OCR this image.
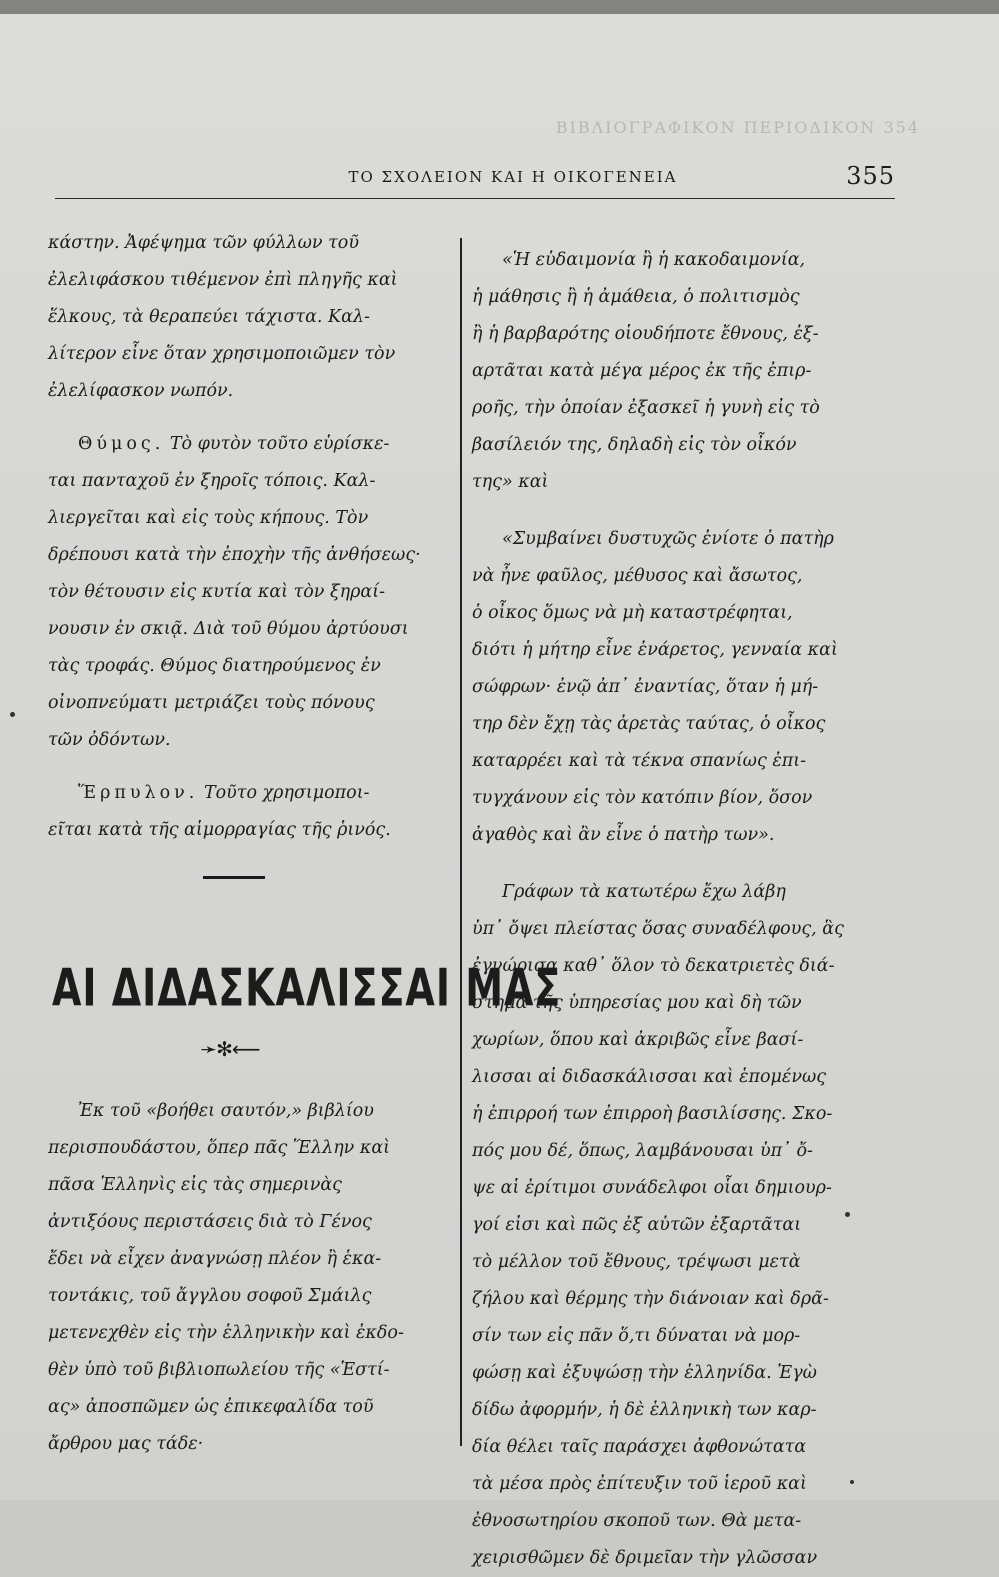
ΒΙΒΛΙΟΓΡΑΦΙΚΟΝ ΠΕΡΙΟΔΙΚΟΝ 354
ΤΟ ΣΧΟΛΕΙΟΝ ΚΑΙ Η ΟΙΚΟΓΕΝΕΙΑ	355

κάστην. Ἀφέψημα τῶν φύλλων τοῦ
ἐλελιφάσκου τιθέμενον ἐπὶ πληγῆς καὶ
ἕλκους, τὰ θεραπεύει τάχιστα. Καλ-
λίτερον εἶνε ὅταν χρησιμοποιῶμεν τὸν
ἐλελίφασκον νωπόν.

Θύμος. Τὸ φυτὸν τοῦτο εὑρίσκε-
ται πανταχοῦ ἐν ξηροῖς τόποις. Καλ-
λιεργεῖται καὶ εἰς τοὺς κήπους. Τὸν
δρέπουσι κατὰ τὴν ἐποχὴν τῆς ἀνθήσεως·
τὸν θέτουσιν εἰς κυτία καὶ τὸν ξηραί-
νουσιν ἐν σκιᾷ. Διὰ τοῦ θύμου ἀρτύουσι
τὰς τροφάς. Θύμος διατηρούμενος ἐν
οἰνοπνεύματι μετριάζει τοὺς πόνους
τῶν ὀδόντων.

Ἕρπυλον. Τοῦτο χρησιμοποι-
εῖται κατὰ τῆς αἱμορραγίας τῆς ῥινός.

ΑΙ ΔΙΔΑΣΚΑΛΙΣΣΑΙ ΜΑΣ
➛✻⟵

Ἐκ τοῦ «βοήθει σαυτόν,» βιβλίου
περισπουδάστου, ὅπερ πᾶς Ἕλλην καὶ
πᾶσα Ἑλληνὶς εἰς τὰς σημερινὰς
ἀντιξόους περιστάσεις διὰ τὸ Γένος
ἔδει νὰ εἶχεν ἀναγνώσῃ πλέον ἢ ἑκα-
τοντάκις, τοῦ ἄγγλου σοφοῦ Σμάιλς
μετενεχθὲν εἰς τὴν ἑλληνικὴν καὶ ἐκδο-
θὲν ὑπὸ τοῦ βιβλιοπωλείου τῆς «Ἑστί-
ας» ἀποσπῶμεν ὡς ἐπικεφαλίδα τοῦ
ἄρθρου μας τάδε·

«Ἡ εὐδαιμονία ἢ ἡ κακοδαιμονία,
ἡ μάθησις ἢ ἡ ἀμάθεια, ὁ πολιτισμὸς
ἢ ἡ βαρβαρότης οἱουδήποτε ἔθνους, ἐξ-
αρτᾶται κατὰ μέγα μέρος ἐκ τῆς ἐπιρ-
ροῆς, τὴν ὁποίαν ἐξασκεῖ ἡ γυνὴ εἰς τὸ
βασίλειόν της, δηλαδὴ εἰς τὸν οἶκόν
της» καὶ

«Συμβαίνει δυστυχῶς ἐνίοτε ὁ πατὴρ
νὰ ἦνε φαῦλος, μέθυσος καὶ ἄσωτος,
ὁ οἶκος ὅμως νὰ μὴ καταστρέφηται,
διότι ἡ μήτηρ εἶνε ἐνάρετος, γενναία καὶ
σώφρων· ἐνῷ ἀπ᾽ ἐναντίας, ὅταν ἡ μή-
τηρ δὲν ἔχῃ τὰς ἀρετὰς ταύτας, ὁ οἶκος
καταρρέει καὶ τὰ τέκνα σπανίως ἐπι-
τυγχάνουν εἰς τὸν κατόπιν βίον, ὅσον
ἀγαθὸς καὶ ἂν εἶνε ὁ πατὴρ των».

Γράφων τὰ κατωτέρω ἔχω λάβη
ὑπ᾽ ὄψει πλείστας ὅσας συναδέλφους, ἃς
ἐγνώρισα καθ᾽ ὅλον τὸ δεκατριετὲς διά-
στημα τῆς ὑπηρεσίας μου καὶ δὴ τῶν
χωρίων, ὅπου καὶ ἀκριβῶς εἶνε βασί-
λισσαι αἱ διδασκάλισσαι καὶ ἑπομένως
ἡ ἐπιρροή των ἐπιρροὴ βασιλίσσης. Σκο-
πός μου δέ, ὅπως, λαμβάνουσαι ὑπ᾽ ὄ-
ψε αἱ ἐρίτιμοι συνάδελφοι οἷαι δημιουρ-
γοί εἰσι καὶ πῶς ἐξ αὐτῶν ἐξαρτᾶται
τὸ μέλλον τοῦ ἔθνους, τρέψωσι μετὰ
ζήλου καὶ θέρμης τὴν διάνοιαν καὶ δρᾶ-
σίν των εἰς πᾶν ὅ,τι δύναται νὰ μορ-
φώσῃ καὶ ἐξυψώσῃ τὴν ἑλληνίδα. Ἐγὼ
δίδω ἀφορμήν, ἡ δὲ ἑλληνικὴ των καρ-
δία θέλει ταῖς παράσχει ἀφθονώτατα
τὰ μέσα πρὸς ἐπίτευξιν τοῦ ἱεροῦ καὶ
ἐθνοσωτηρίου σκοποῦ των. Θὰ μετα-
χειρισθῶμεν δὲ δριμεῖαν τὴν γλῶσσαν
